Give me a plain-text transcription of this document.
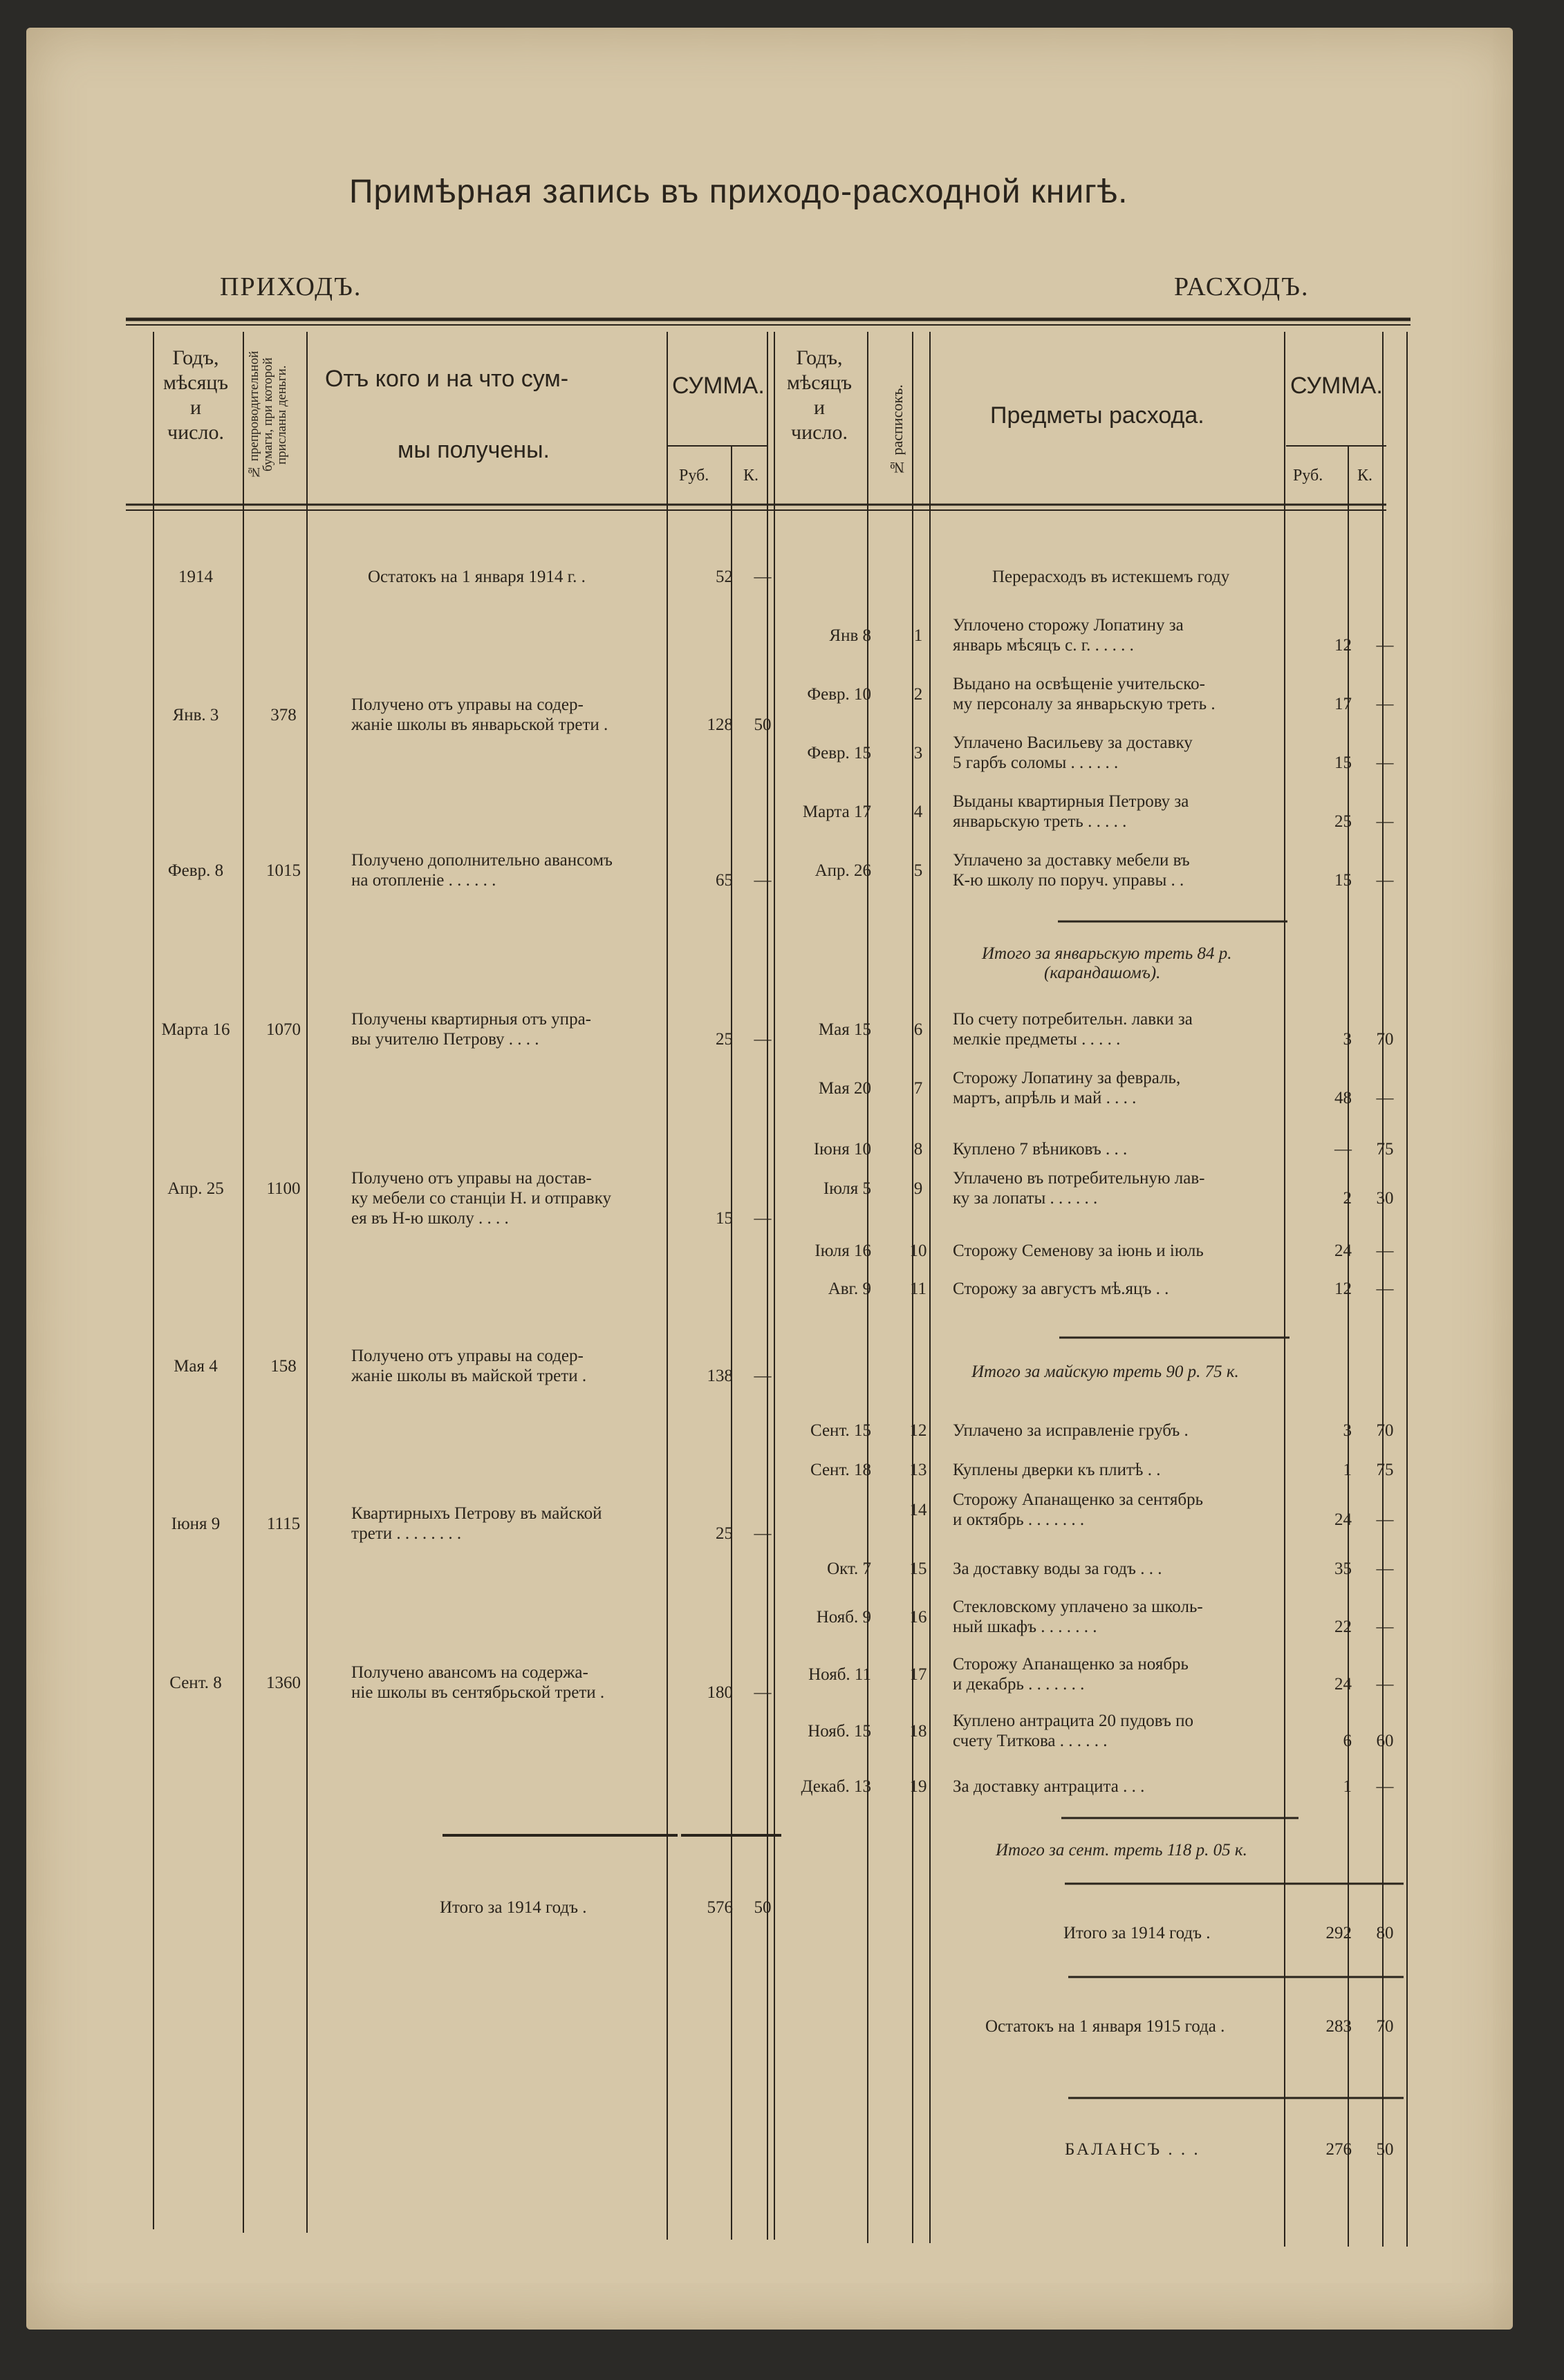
Примѣрная запись въ приходо-расходной книгѣ.
ПРИХОДЪ.	РАСХОДЪ.
Годъ,
мѣсяцъ
и
число.	№ препроводительной бумаги, при которой присланы деньги.	Отъ кого и на что сум-
мы получены.
СУММА.
Руб. К.
Годъ,
мѣсяцъ
и
число.	№ расписокъ.	Предметы расхода.
СУММА.
Руб. К.
1914	Остатокъ на 1 января 1914 г. .	52	—
Янв. 3	378
Получено отъ управы на содер-
жаніе школы въ январьской трети .	128	50
Февр. 8	1015
Получено дополнительно авансомъ
на отопленіе . . . . . .	65	—
Марта 16	1070
Получены квартирныя отъ упра-
вы учителю Петрову . . . .	25	—
Апр. 25	1100
Получено отъ управы на достав-
ку мебели со станціи Н. и отправку
ея въ Н-ю школу . . . .	15	—
Мая 4	158
Получено отъ управы на содер-
жаніе школы въ майской трети .	138	—
Іюня 9	1115
Квартирныхъ Петрову въ майской
трети . . . . . . . .	25	—
Сент. 8	1360
Получено авансомъ на содержа-
ніе школы въ сентябрьской трети .	180	—
Итого за 1914 годъ .	576	50
Перерасходъ въ истекшемъ году
Янв 8	1
Уплочено сторожу Лопатину за
январь мѣсяцъ с. г. . . . . .	12	—
Февр. 10	2
Выдано на освѣщеніе учительско-
му персоналу за январьскую треть .	17	—
Февр. 15	3
Уплачено Васильеву за доставку
5 гарбъ соломы . . . . . .	15	—
Марта 17	4
Выданы квартирныя Петрову за
январьскую треть . . . . .	25	—
Апр. 26	5
Уплачено за доставку мебели въ
К-ю школу по поруч. управы . .	15	—
Мая 15	6
По счету потребительн. лавки за
мелкіе предметы . . . . .	3	70
Мая 20	7
Сторожу Лопатину за февраль,
мартъ, апрѣль и май . . . .	48	—
Іюня 10	8	Куплено 7 вѣниковъ . . .	—	75
Іюля 5	9
Уплачено въ потребительную лав-
ку за лопаты . . . . . .	2	30
Іюля 16	10	Сторожу Семенову за іюнь и іюль	24	—
Авг. 9	11	Сторожу за августъ мѣ.яцъ . .	12	—
Сент. 15	12	Уплачено за исправленіе грубъ .	3	70
Сент. 18	13	Куплены дверки къ плитѣ . .	1	75
14
Сторожу Апанащенко за сентябрь
и октябрь . . . . . . .	24	—
Окт. 7	15	За доставку воды за годъ . . .	35	—
Нояб. 9	16
Стекловскому уплачено за школь-
ный шкафъ . . . . . . .	22	—
Нояб. 11	17
Сторожу Апанащенко за ноябрь
и декабрь . . . . . . .	24	—
Нояб. 15	18
Куплено антрацита 20 пудовъ по
счету Титкова . . . . . .	6	60
Декаб. 13	19	За доставку антрацита . . .	1	—
Итого за январьскую треть 84 р.
(карандашомъ).
Итого за майскую треть 90 р. 75 к.
Итого за сент. треть 118 р. 05 к.
Итого за 1914 годъ .	292	80
Остатокъ на 1 января 1915 года .	283	70
БАЛАНСЪ . . .	276	50
